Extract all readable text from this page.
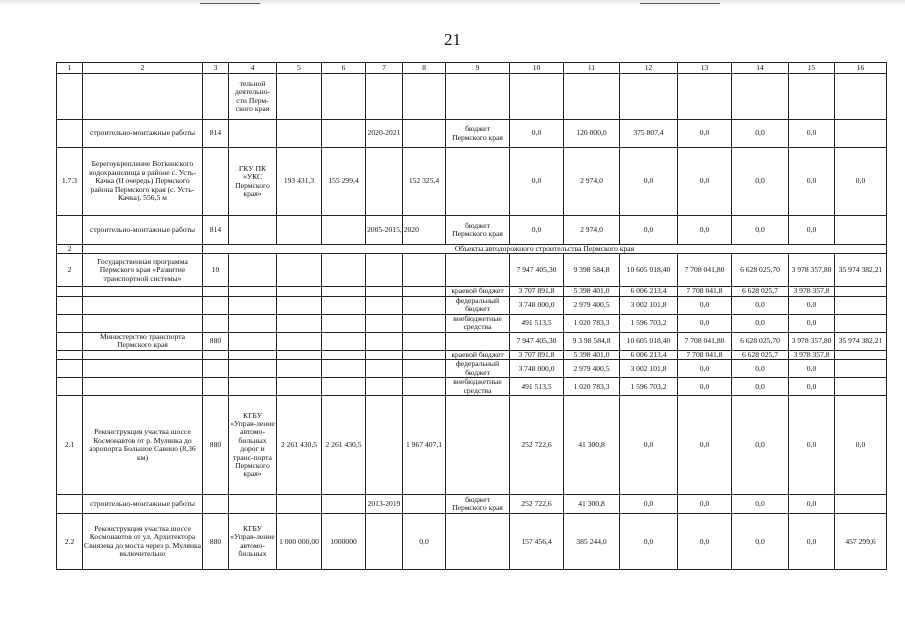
21
1	2	3	4	5	6	7	8	9	10	11	12	13	14	15	16
			тельной деятельно-сти Перм-ского края												
	строительно-монтажные работы	814				2020-2021		бюджет Пермского края	0,0	120 000,0	375 807,4	0,0	0,0	0,0	
1.7.3	Берегоукрепление Воткинского водохранилища в районе с. Усть-Качка (II очередь) Пермского района Пермского края (с. Усть-Качка), 556,5 м		ГКУ ПК «УКС Пермского края»	193 431,3	155 299,4		152 325,4		0,0	2 974,0	0,0	0,0	0,0	0,0	0,0
	строительно-монтажные работы	814				2005-2015, 2020		бюджет Пермского края	0,0	2 974,0	0,0	0,0	0,0	0,0	
2		Объекты автодорожного строительства Пермского края													
2	Государственная программа Пермского края «Развитие транспортной системы»	10							7 947 405,30	9 398 584,8	10 605 018,40	7 708 041,80	6 628 025,70	3 978 357,80	35 974 382,21
								краевой бюджет	3 707 891,8	5 398 401,0	6 006 213,4	7 708 041,8	6 628 025,7	3 978 357,8	
								федеральный бюджет	3 748 000,0	2 979 400,5	3 002 101,8	0,0	0,0	0,0	
								внебюджетные средства	491 513,5	1 020 783,3	1 596 703,2	0,0	0,0	0,0	
	Министерство транспорта Пермского края	880							7 947 405,30	9 3 98 584,8	10 605 018,40	7 708 041,80	6 628 025,70	3 978 357,80	35 974 382,21
								краевой бюджет	3 707 891,8	5 398 401,0	6 006 213,4	7 708 041,8	6 628 025,7	3 978 357,8	
								федеральный бюджет	3 748 000,0	2 979 400,5	3 002 101,8	0,0	0,0	0,0	
								внебюджетные средства	491 513,5	1 020 783,3	1 596 703,2	0,0	0,0	0,0	
2.1	Реконструкция участка шоссе Космонавтов от р. Мулянка до аэропорта Большое Савино (8,36 км)	880	КГБУ «Управ-ление автомо-бильных дорог и транс-порта Пермского края»	2 261 430,5	2 261 430,5		1 967 407,1		252 722,6	41 300,8	0,0	0,0	0,0	0,0	0,0
	строительно-монтажные работы					2013-2019		бюджет Пермского края	252 722,6	41 300,8	0,0	0,0	0,0	0,0	
2.2	Реконструкция участка шоссе Космонавтов от ул. Архитектора Свиязева до моста через р. Мулянка включительно	880	КГБУ «Управ-ление автомо-бильных	1 000 000,00	1000000		0,0		157 456,4	385 244,0	0,0	0,0	0,0	0,0	457 299,6
